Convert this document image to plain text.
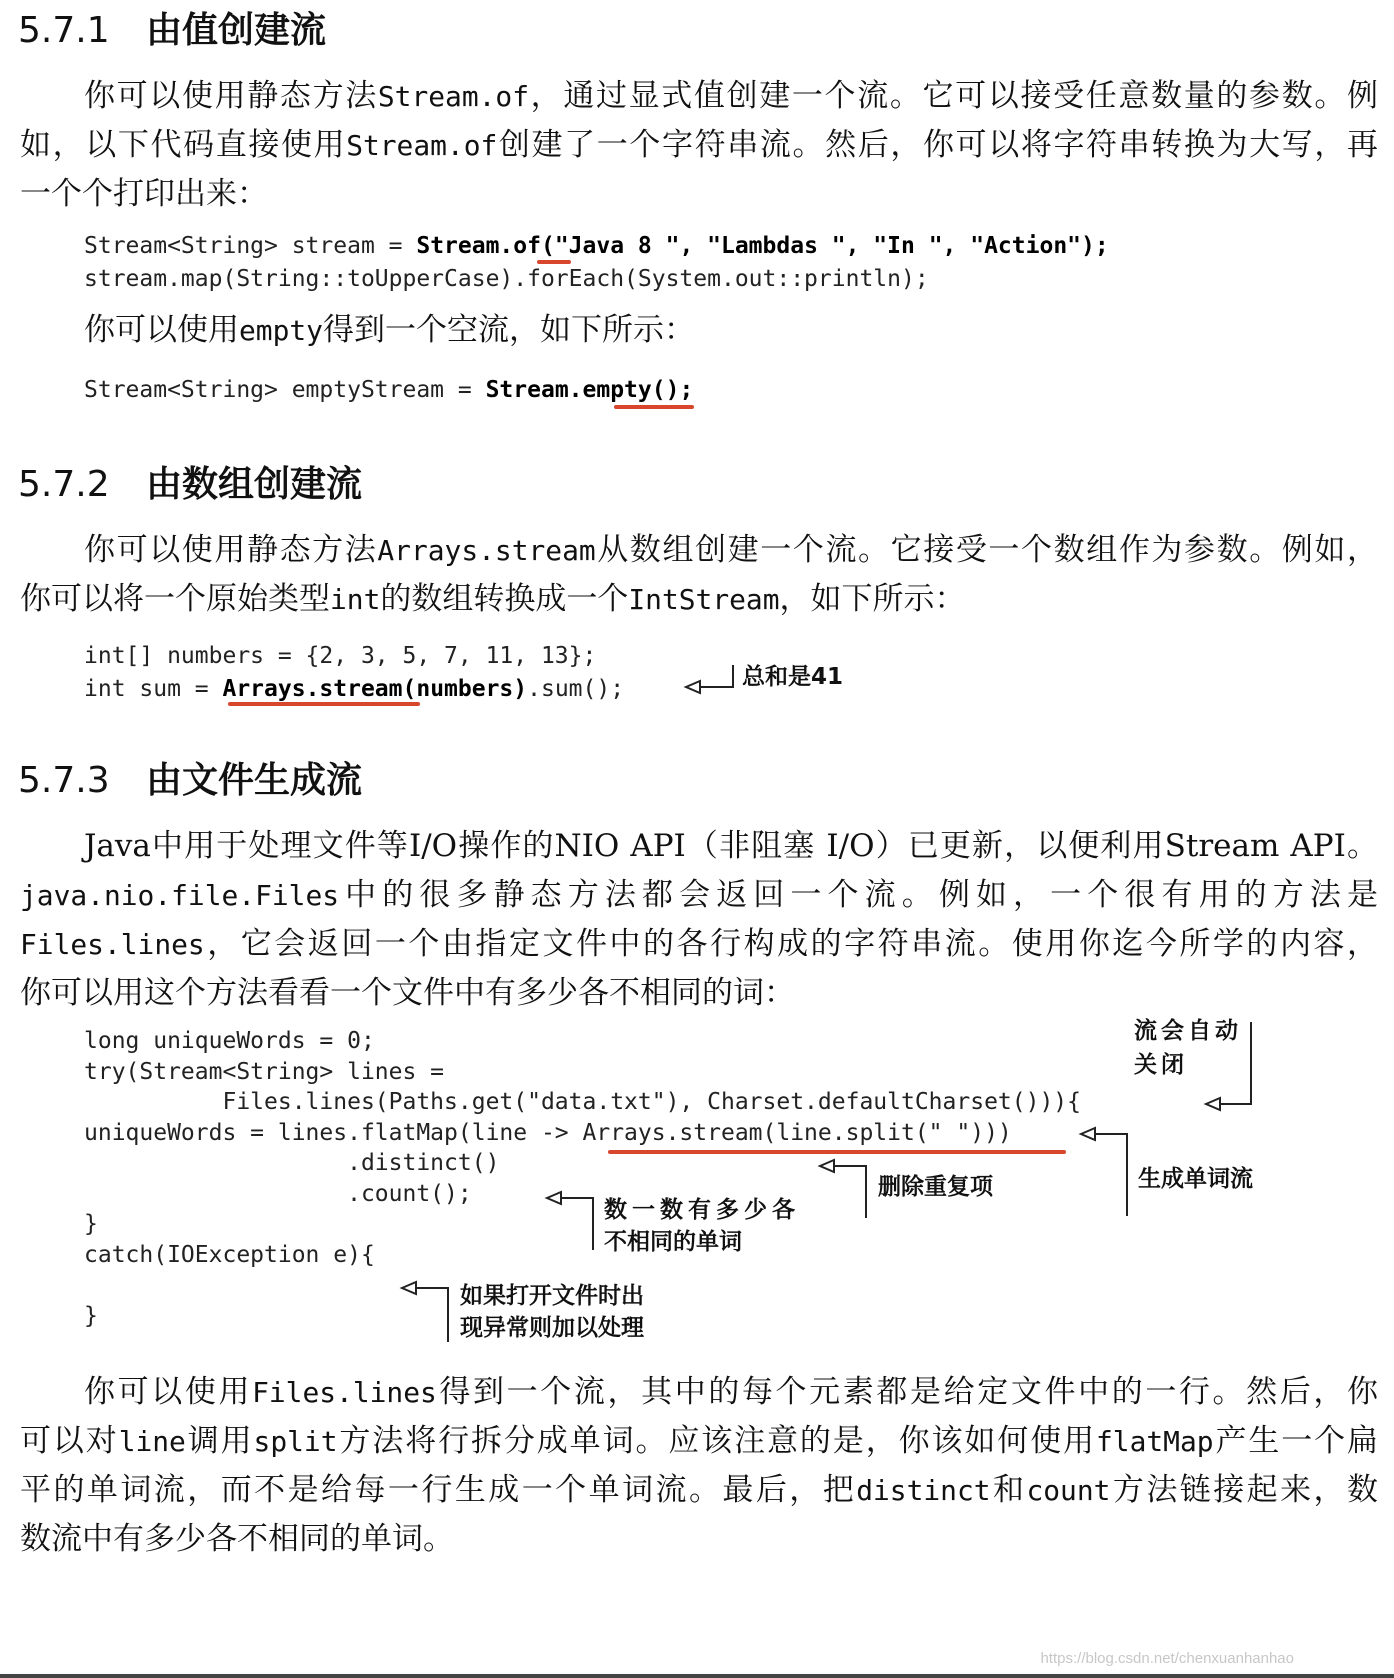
5.7.1 由值创建流
你可以使用静态方法Stream.of，通过显式值创建一个流。它可以接受任意数量的参数。例
如，以下代码直接使用Stream.of创建了一个字符串流。然后，你可以将字符串转换为大写，再
一个个打印出来：
Stream<String> stream = Stream.of("Java 8 ", "Lambdas ", "In ", "Action");
stream.map(String::toUpperCase).forEach(System.out::println);
你可以使用empty得到一个空流，如下所示：
Stream<String> emptyStream = Stream.empty();
5.7.2 由数组创建流
你可以使用静态方法Arrays.stream从数组创建一个流。它接受一个数组作为参数。例如，
你可以将一个原始类型int的数组转换成一个IntStream，如下所示：
int[] numbers = {2, 3, 5, 7, 11, 13};
int sum = Arrays.stream(numbers).sum();	总和是41
5.7.3 由文件生成流
Java中用于处理文件等I/O操作的NIO API（非阻塞 I/O）已更新，以便利用Stream API。
java.nio.file.Files中的很多静态方法都会返回一个流。例如，一个很有用的方法是
Files.lines，它会返回一个由指定文件中的各行构成的字符串流。使用你迄今所学的内容，
你可以用这个方法看看一个文件中有多少各不相同的词：
long uniqueWords = 0;
try(Stream<String> lines =
Files.lines(Paths.get("data.txt"), Charset.defaultCharset())){
uniqueWords = lines.flatMap(line -> Arrays.stream(line.split(" ")))
.distinct()
.count();
}
catch(IOException e){

}
流会自动
关闭
生成单词流
删除重复项
数一数有多少各
不相同的单词
如果打开文件时出
现异常则加以处理
你可以使用Files.lines得到一个流，其中的每个元素都是给定文件中的一行。然后，你
可以对line调用split方法将行拆分成单词。应该注意的是，你该如何使用flatMap产生一个扁
平的单词流，而不是给每一行生成一个单词流。最后，把distinct和count方法链接起来，数
数流中有多少各不相同的单词。
https://blog.csdn.net/chenxuanhanhao
